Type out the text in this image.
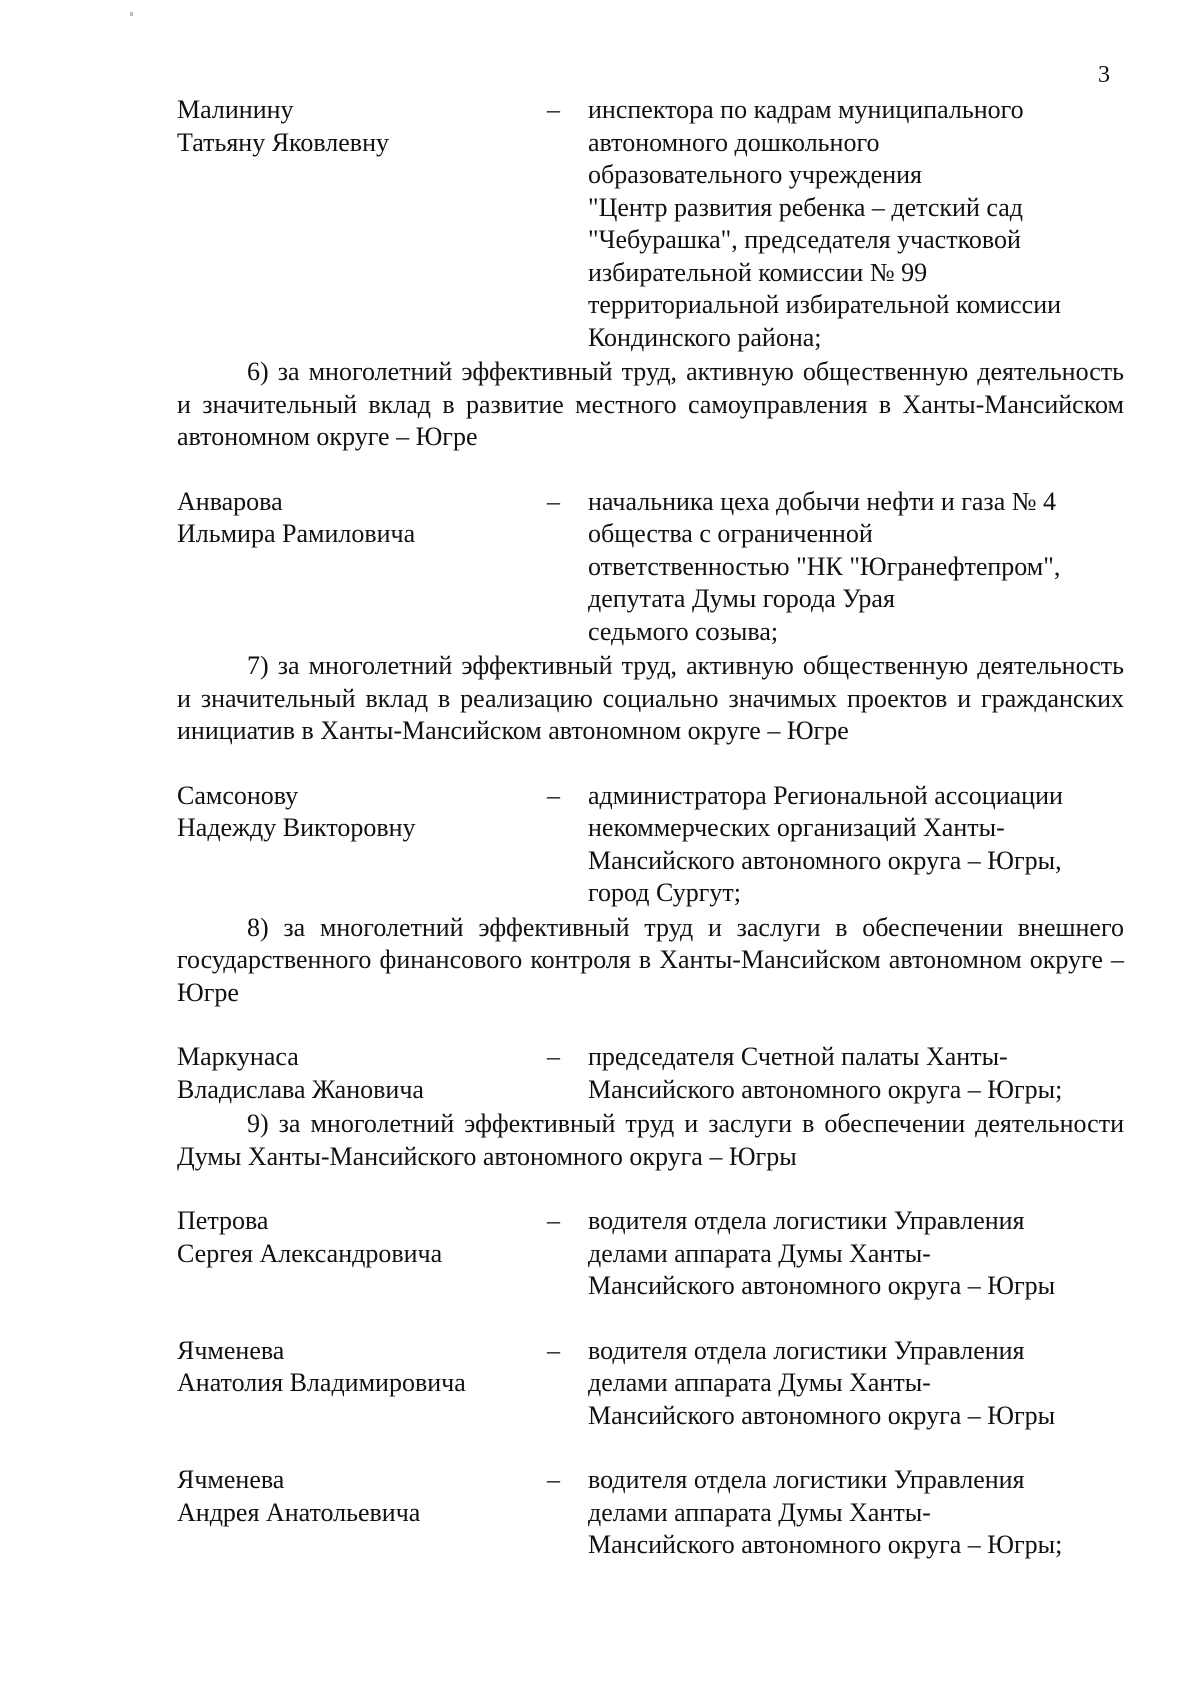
3
Малинину
Татьяну Яковлевну
–	инспектора по кадрам муниципального
автономного дошкольного
образовательного учреждения
"Центр развития ребенка – детский сад
"Чебурашка", председателя участковой
избирательной комиссии № 99
территориальной избирательной комиссии
Кондинского района;
6) за многолетний эффективный труд, активную общественную деятельность и значительный вклад в развитие местного самоуправления в Ханты-Мансийском автономном округе – Югре
Анварова
Ильмира Рамиловича
–	начальника цеха добычи нефти и газа № 4
общества с ограниченной
ответственностью "НК "Югранефтепром",
депутата Думы города Урая
седьмого созыва;
7) за многолетний эффективный труд, активную общественную деятельность и значительный вклад в реализацию социально значимых проектов и гражданских инициатив в Ханты-Мансийском автономном округе – Югре
Самсонову
Надежду Викторовну
–	администратора Региональной ассоциации
некоммерческих организаций Ханты-
Мансийского автономного округа – Югры,
город Сургут;
8) за многолетний эффективный труд и заслуги в обеспечении внешнего государственного финансового контроля в Ханты-Мансийском автономном округе – Югре
Маркунаса
Владислава Жановича
–	председателя Счетной палаты Ханты-
Мансийского автономного округа – Югры;
9) за многолетний эффективный труд и заслуги в обеспечении деятельности Думы Ханты-Мансийского автономного округа – Югры
Петрова
Сергея Александровича
–	водителя отдела логистики Управления
делами аппарата Думы Ханты-
Мансийского автономного округа – Югры
Ячменева
Анатолия Владимировича
–	водителя отдела логистики Управления
делами аппарата Думы Ханты-
Мансийского автономного округа – Югры
Ячменева
Андрея Анатольевича
–	водителя отдела логистики Управления
делами аппарата Думы Ханты-
Мансийского автономного округа – Югры;
